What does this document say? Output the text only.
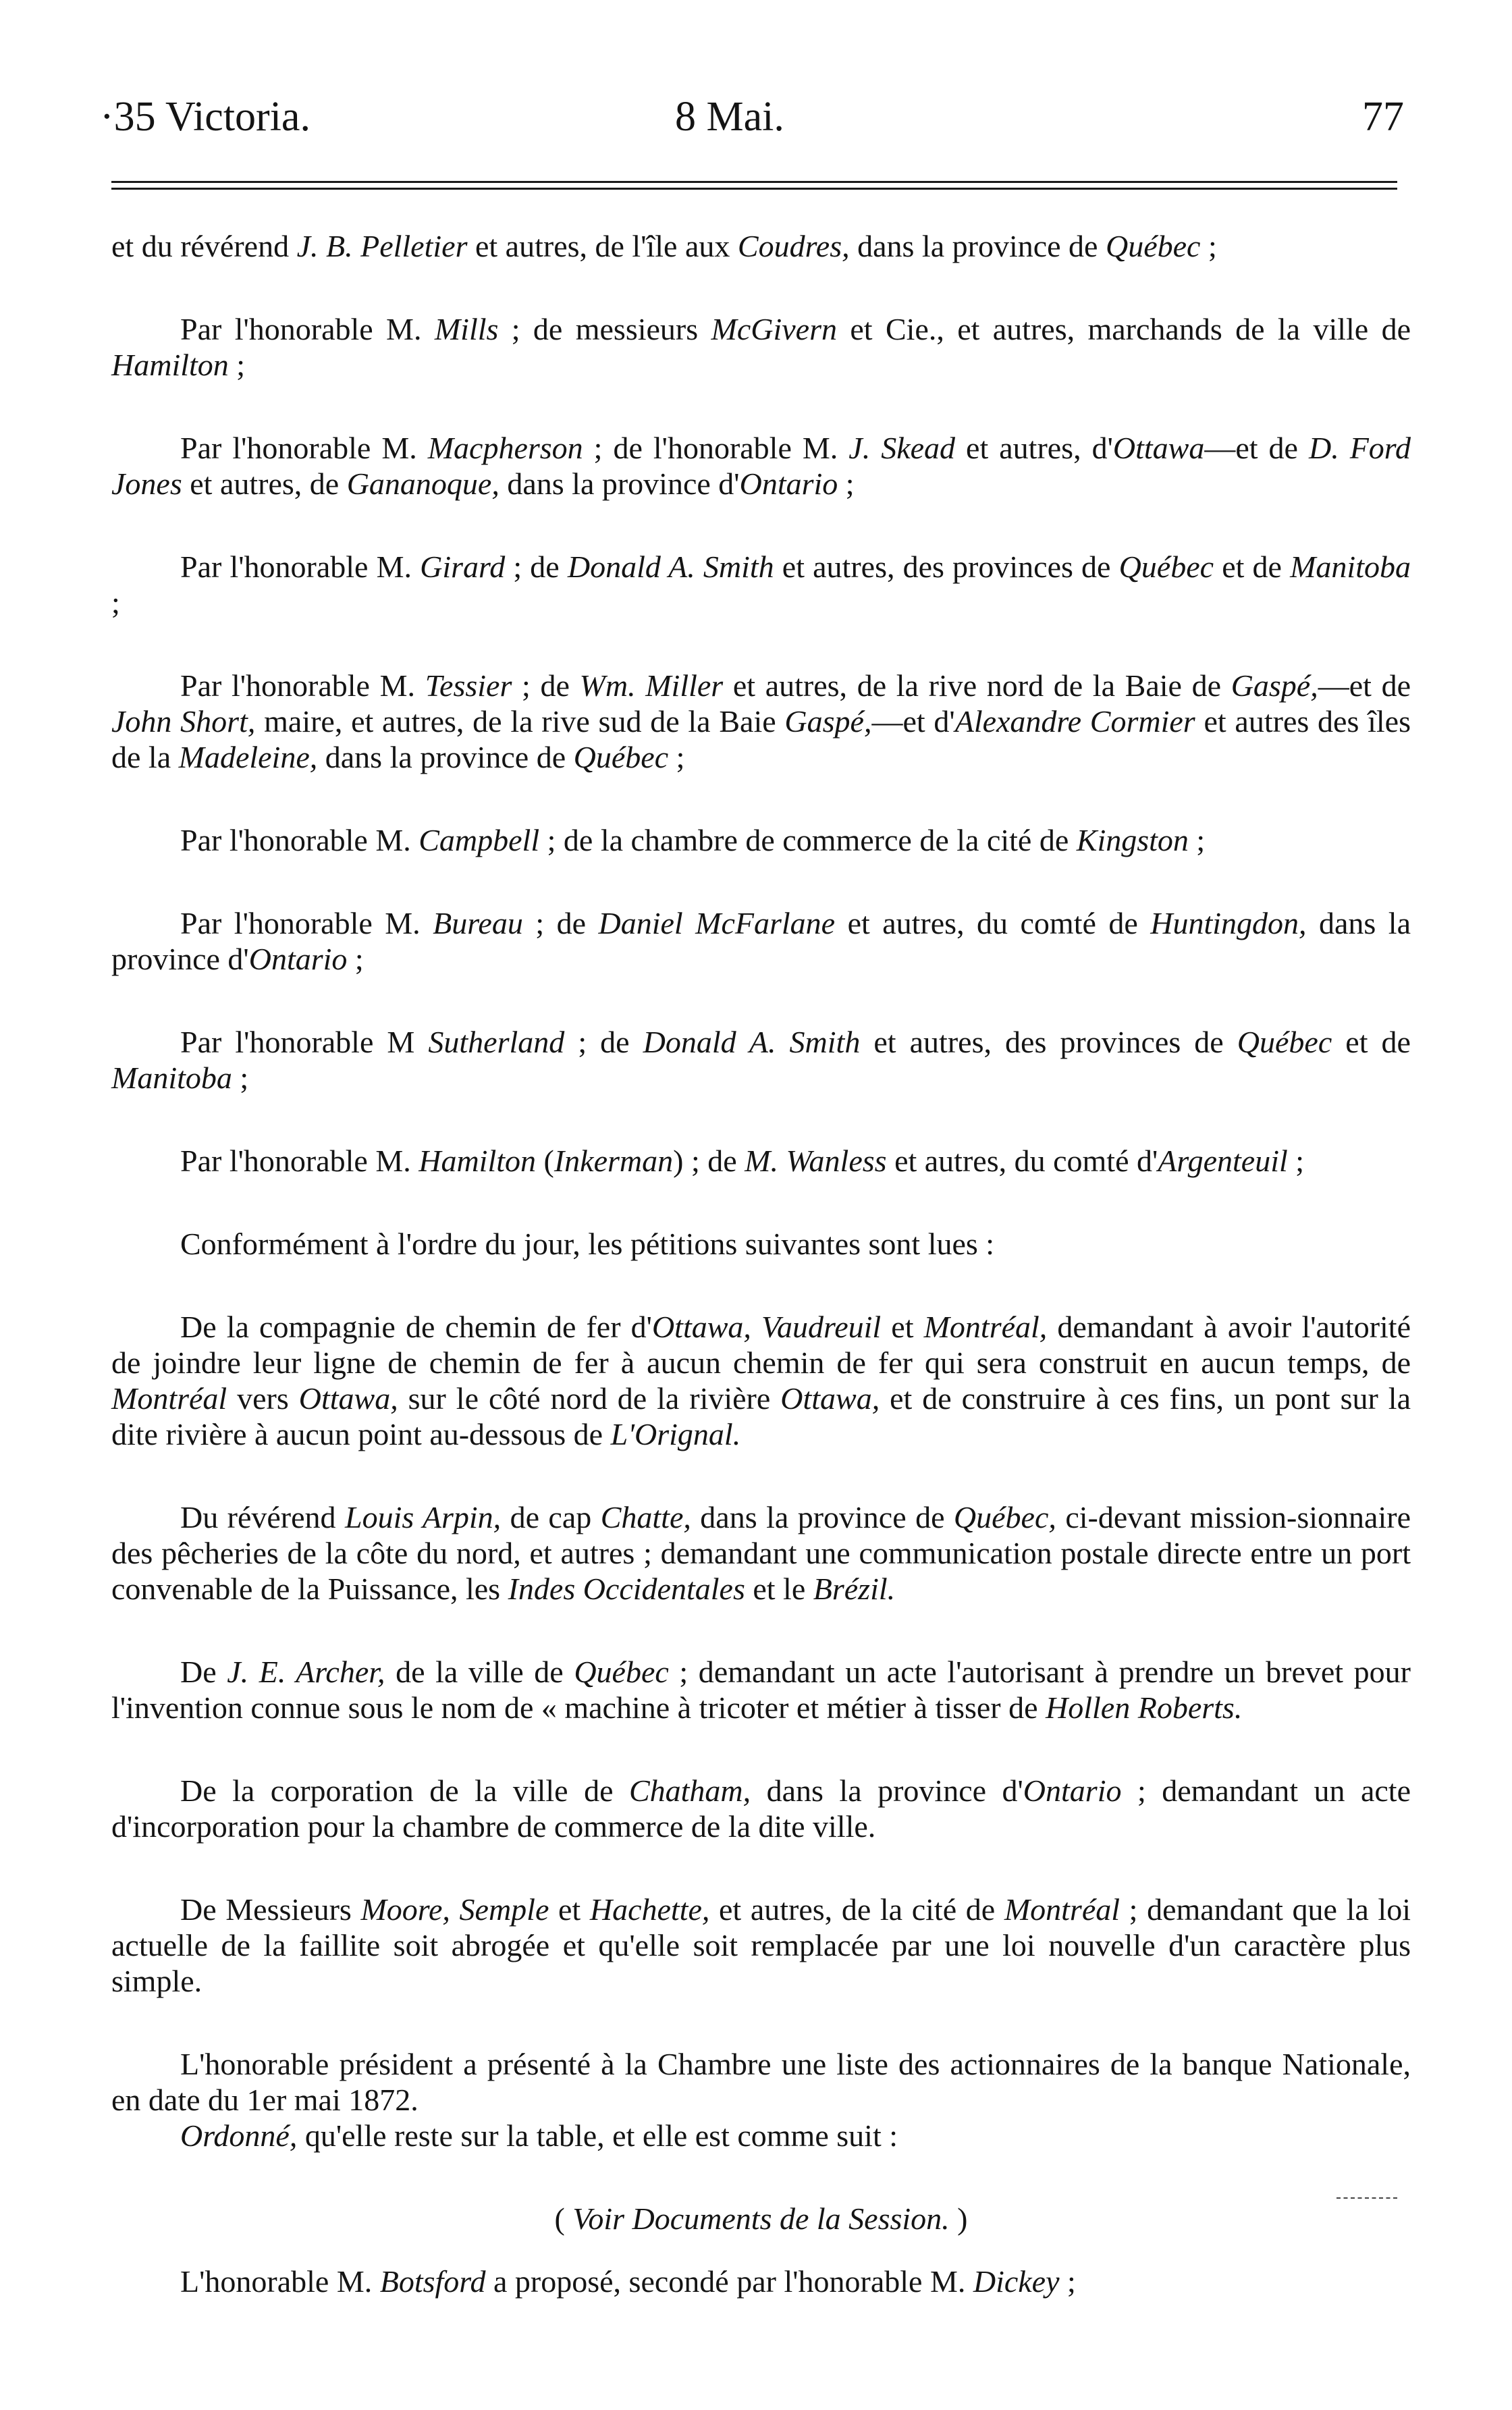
·35 Victoria.	8 Mai.	77

et du révérend J. B. Pelletier et autres, de l'île aux Coudres, dans la province de Québec ;

Par l'honorable M. Mills ; de messieurs McGivern et Cie., et autres, marchands de la ville de Hamilton ;

Par l'honorable M. Macpherson ; de l'honorable M. J. Skead et autres, d'Ottawa—et de D. Ford Jones et autres, de Gananoque, dans la province d'Ontario ;

Par l'honorable M. Girard ; de Donald A. Smith et autres, des provinces de Québec et de Manitoba ;

Par l'honorable M. Tessier ; de Wm. Miller et autres, de la rive nord de la Baie de Gaspé,—et de John Short, maire, et autres, de la rive sud de la Baie Gaspé,—et d'Alexandre Cormier et autres des îles de la Madeleine, dans la province de Québec ;

Par l'honorable M. Campbell ; de la chambre de commerce de la cité de Kingston ;

Par l'honorable M. Bureau ; de Daniel McFarlane et autres, du comté de Huntingdon, dans la province d'Ontario ;

Par l'honorable M Sutherland ; de Donald A. Smith et autres, des provinces de Québec et de Manitoba ;

Par l'honorable M. Hamilton (Inkerman) ; de M. Wanless et autres, du comté d'Argenteuil ;

Conformément à l'ordre du jour, les pétitions suivantes sont lues :

De la compagnie de chemin de fer d'Ottawa, Vaudreuil et Montréal, demandant à avoir l'autorité de joindre leur ligne de chemin de fer à aucun chemin de fer qui sera construit en aucun temps, de Montréal vers Ottawa, sur le côté nord de la rivière Ottawa, et de construire à ces fins, un pont sur la dite rivière à aucun point au-dessous de L'Orignal.

Du révérend Louis Arpin, de cap Chatte, dans la province de Québec, ci-devant mission-sionnaire des pêcheries de la côte du nord, et autres ; demandant une communication postale directe entre un port convenable de la Puissance, les Indes Occidentales et le Brézil.

De J. E. Archer, de la ville de Québec ; demandant un acte l'autorisant à prendre un brevet pour l'invention connue sous le nom de « machine à tricoter et métier à tisser de Hollen Roberts.

De la corporation de la ville de Chatham, dans la province d'Ontario ; demandant un acte d'incorporation pour la chambre de commerce de la dite ville.

De Messieurs Moore, Semple et Hachette, et autres, de la cité de Montréal ; demandant que la loi actuelle de la faillite soit abrogée et qu'elle soit remplacée par une loi nouvelle d'un caractère plus simple.

L'honorable président a présenté à la Chambre une liste des actionnaires de la banque Nationale, en date du 1er mai 1872.

Ordonné, qu'elle reste sur la table, et elle est comme suit :

( Voir Documents de la Session. )

L'honorable M. Botsford a proposé, secondé par l'honorable M. Dickey ;
